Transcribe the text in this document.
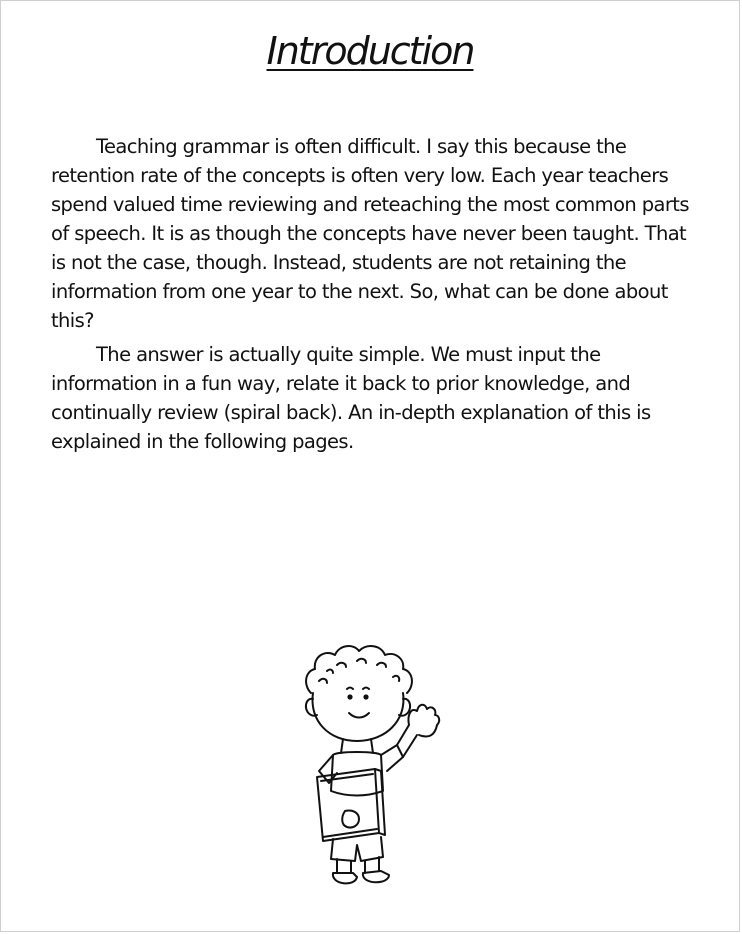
Introduction

Teaching grammar is often difficult. I say this because the retention rate of the concepts is often very low. Each year teachers spend valued time reviewing and reteaching the most common parts of speech. It is as though the concepts have never been taught. That is not the case, though. Instead, students are not retaining the information from one year to the next. So, what can be done about this?

The answer is actually quite simple. We must input the information in a fun way, relate it back to prior knowledge, and continually review (spiral back). An in-depth explanation of this is explained in the following pages.
